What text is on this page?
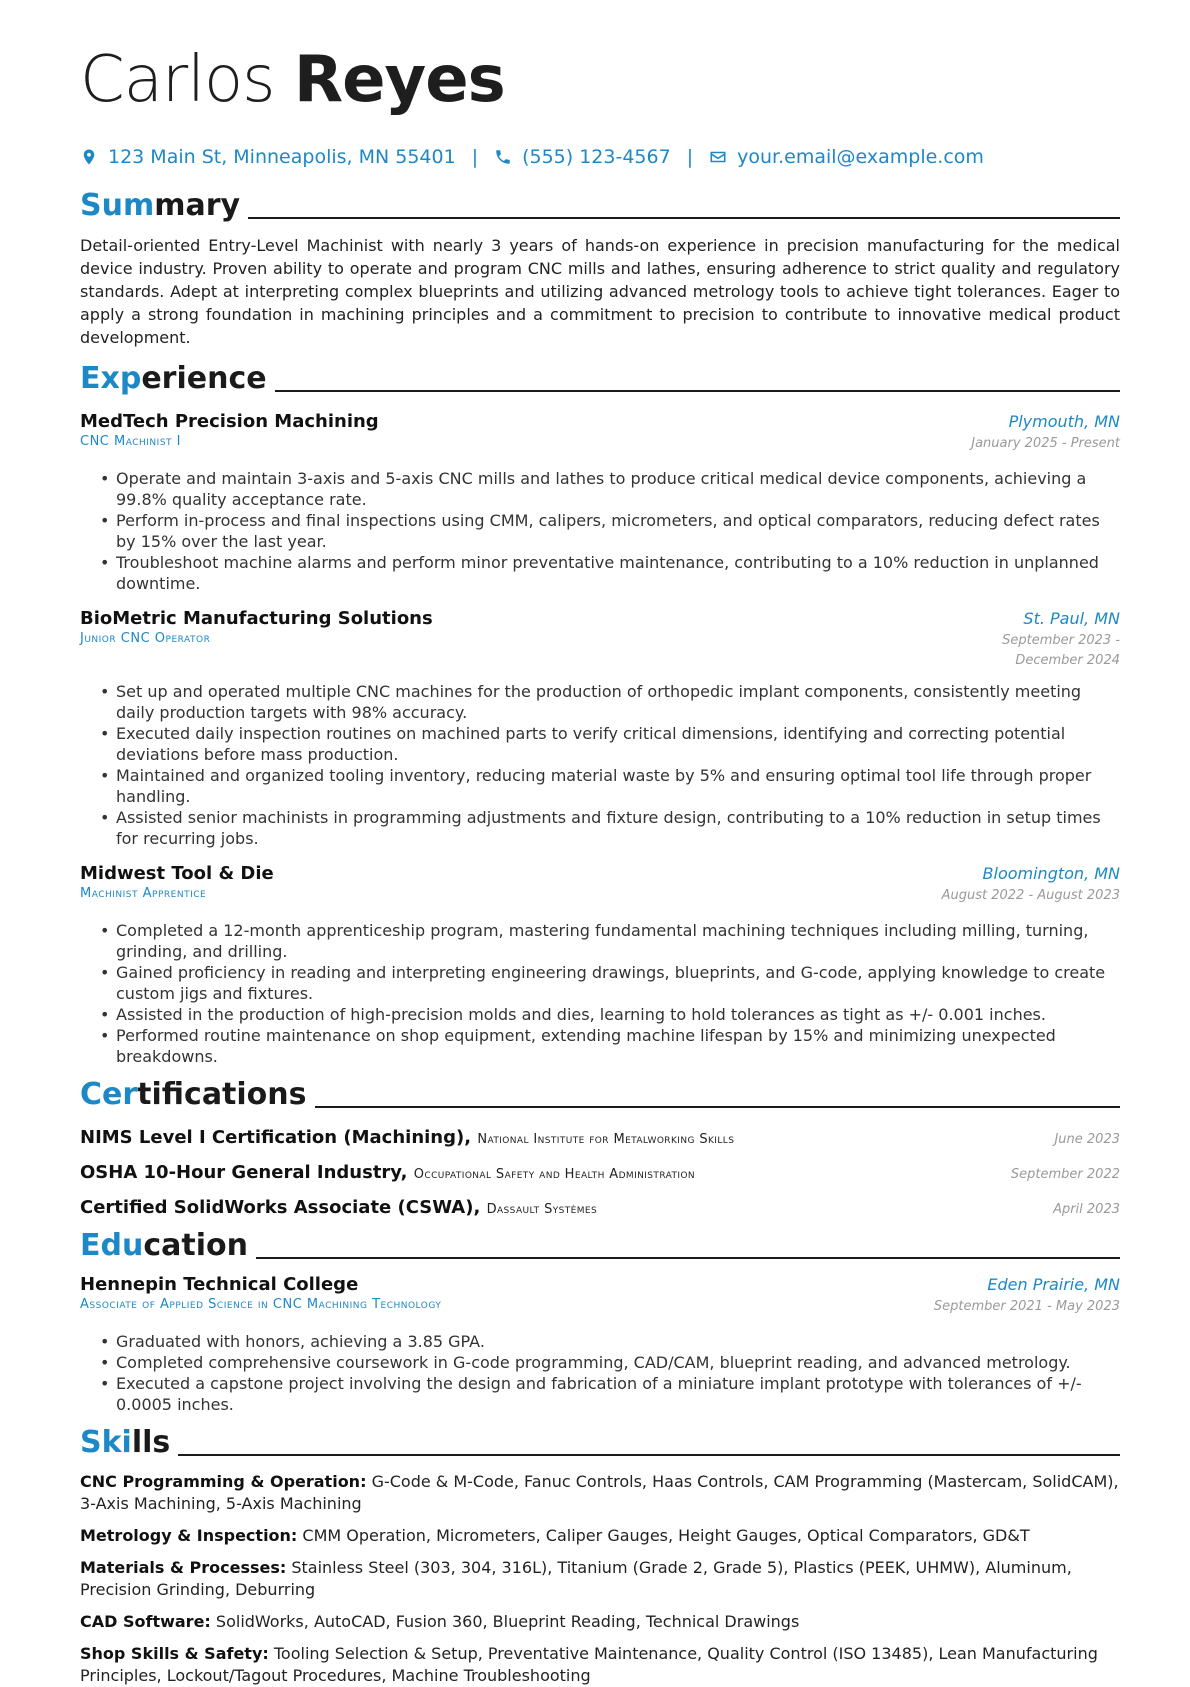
Carlos Reyes
123 Main St, Minneapolis, MN 55401 | (555) 123-4567 | your.email@example.com
Summary
Detail-oriented Entry-Level Machinist with nearly 3 years of hands-on experience in precision manufacturing for the medical device industry. Proven ability to operate and program CNC mills and lathes, ensuring adherence to strict quality and regulatory standards. Adept at interpreting complex blueprints and utilizing advanced metrology tools to achieve tight tolerances. Eager to apply a strong foundation in machining principles and a commitment to precision to contribute to innovative medical product development.
Experience
MedTech Precision Machining	Plymouth, MN
CNC Machinist I	January 2025 - Present
• Operate and maintain 3-axis and 5-axis CNC mills and lathes to produce critical medical device components, achieving a 99.8% quality acceptance rate.
• Perform in-process and final inspections using CMM, calipers, micrometers, and optical comparators, reducing defect rates by 15% over the last year.
• Troubleshoot machine alarms and perform minor preventative maintenance, contributing to a 10% reduction in unplanned downtime.
BioMetric Manufacturing Solutions	St. Paul, MN
Junior CNC Operator	September 2023 - December 2024
• Set up and operated multiple CNC machines for the production of orthopedic implant components, consistently meeting daily production targets with 98% accuracy.
• Executed daily inspection routines on machined parts to verify critical dimensions, identifying and correcting potential deviations before mass production.
• Maintained and organized tooling inventory, reducing material waste by 5% and ensuring optimal tool life through proper handling.
• Assisted senior machinists in programming adjustments and fixture design, contributing to a 10% reduction in setup times for recurring jobs.
Midwest Tool & Die	Bloomington, MN
Machinist Apprentice	August 2022 - August 2023
• Completed a 12-month apprenticeship program, mastering fundamental machining techniques including milling, turning, grinding, and drilling.
• Gained proficiency in reading and interpreting engineering drawings, blueprints, and G-code, applying knowledge to create custom jigs and fixtures.
• Assisted in the production of high-precision molds and dies, learning to hold tolerances as tight as +/- 0.001 inches.
• Performed routine maintenance on shop equipment, extending machine lifespan by 15% and minimizing unexpected breakdowns.
Certifications
NIMS Level I Certification (Machining), National Institute for Metalworking Skills	June 2023
OSHA 10-Hour General Industry, Occupational Safety and Health Administration	September 2022
Certified SolidWorks Associate (CSWA), Dassault Systèmes	April 2023
Education
Hennepin Technical College	Eden Prairie, MN
Associate of Applied Science in CNC Machining Technology	September 2021 - May 2023
• Graduated with honors, achieving a 3.85 GPA.
• Completed comprehensive coursework in G-code programming, CAD/CAM, blueprint reading, and advanced metrology.
• Executed a capstone project involving the design and fabrication of a miniature implant prototype with tolerances of +/- 0.0005 inches.
Skills
CNC Programming & Operation: G-Code & M-Code, Fanuc Controls, Haas Controls, CAM Programming (Mastercam, SolidCAM), 3-Axis Machining, 5-Axis Machining
Metrology & Inspection: CMM Operation, Micrometers, Caliper Gauges, Height Gauges, Optical Comparators, GD&T
Materials & Processes: Stainless Steel (303, 304, 316L), Titanium (Grade 2, Grade 5), Plastics (PEEK, UHMW), Aluminum, Precision Grinding, Deburring
CAD Software: SolidWorks, AutoCAD, Fusion 360, Blueprint Reading, Technical Drawings
Shop Skills & Safety: Tooling Selection & Setup, Preventative Maintenance, Quality Control (ISO 13485), Lean Manufacturing Principles, Lockout/Tagout Procedures, Machine Troubleshooting
